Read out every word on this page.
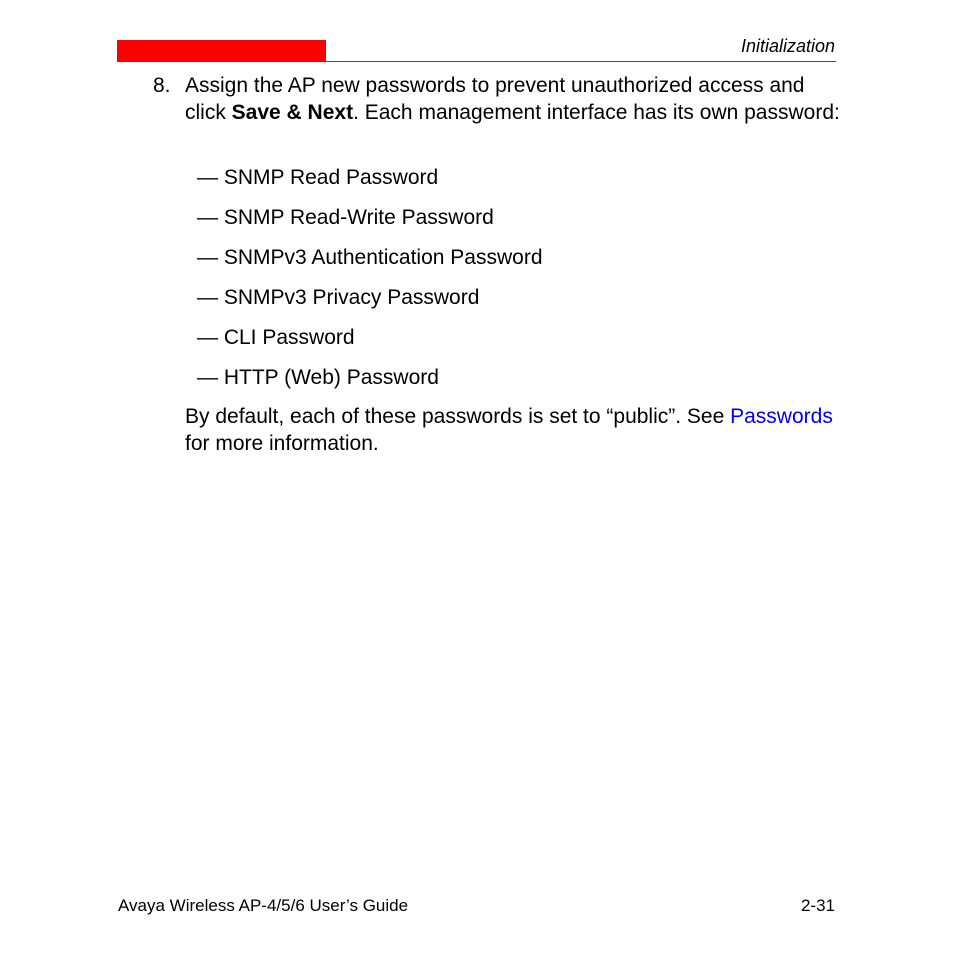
Initialization
8. Assign the AP new passwords to prevent unauthorized access and click Save & Next. Each management interface has its own password:
— SNMP Read Password
— SNMP Read-Write Password
— SNMPv3 Authentication Password
— SNMPv3 Privacy Password
— CLI Password
— HTTP (Web) Password
By default, each of these passwords is set to “public”. See Passwords for more information.
Avaya Wireless AP-4/5/6 User’s Guide	2-31
